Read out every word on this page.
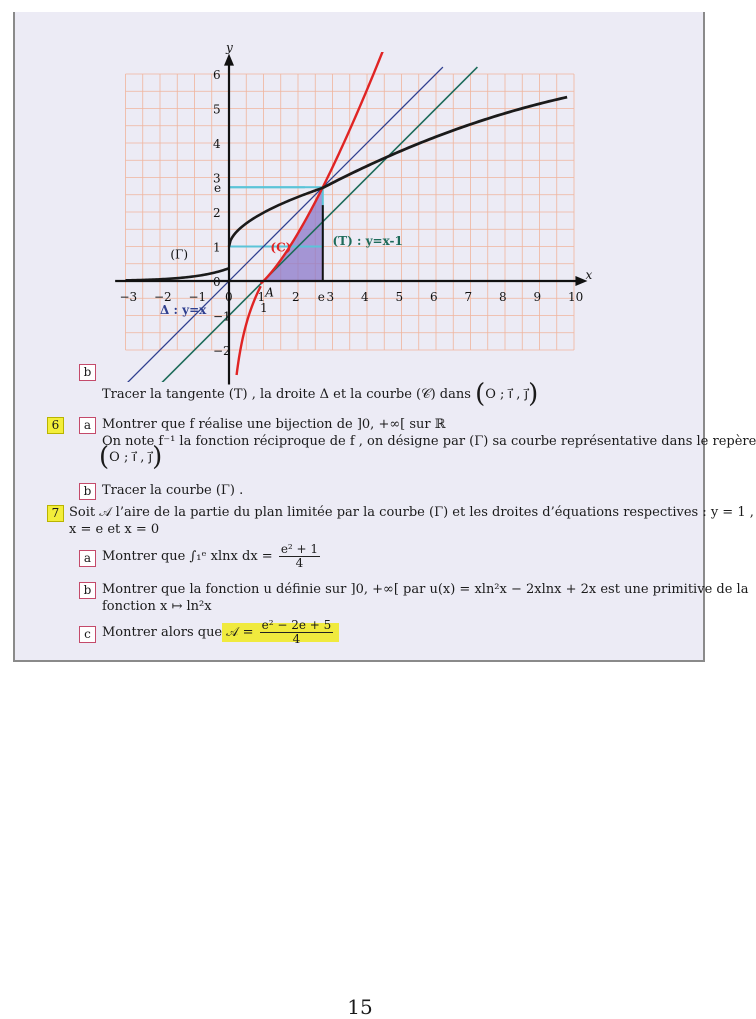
−3 −2 −1 0 1 2 3 4 5 6 7 8 9 10
6
5
4
3
2
1
0
−1
−2
x
y
e
e
(Γ)	(C)	(T) : y=x-1
Δ : y=x
A
1
b
Tracer la tangente (T) , la droite Δ et la courbe (𝒞) dans (O ; i⃗ , j⃗)
6	a Montrer que f réalise une bijection de ]0, +∞[ sur ℝ
On note f⁻¹ la fonction réciproque de f , on désigne par (Γ) sa courbe représentative dans le repère
(O ; i⃗ , j⃗)
b Tracer la courbe (Γ) .
7 Soit 𝒜 l’aire de la partie du plan limitée par la courbe (Γ) et les droites d’équations respectives : y = 1 ,
x = e et x = 0
a Montrer que ∫₁ᵉ xlnx dx = $\frac{\text{e² + 1}}{4}$
b Montrer que la fonction u définie sur ]0, +∞[ par u(x) = xln²x − 2xlnx + 2x est une primitive de la
fonction x ↦ ln²x
c Montrer alors que 𝒜 = $\frac{\text{e² − 2e + 5}}{4}$
15
